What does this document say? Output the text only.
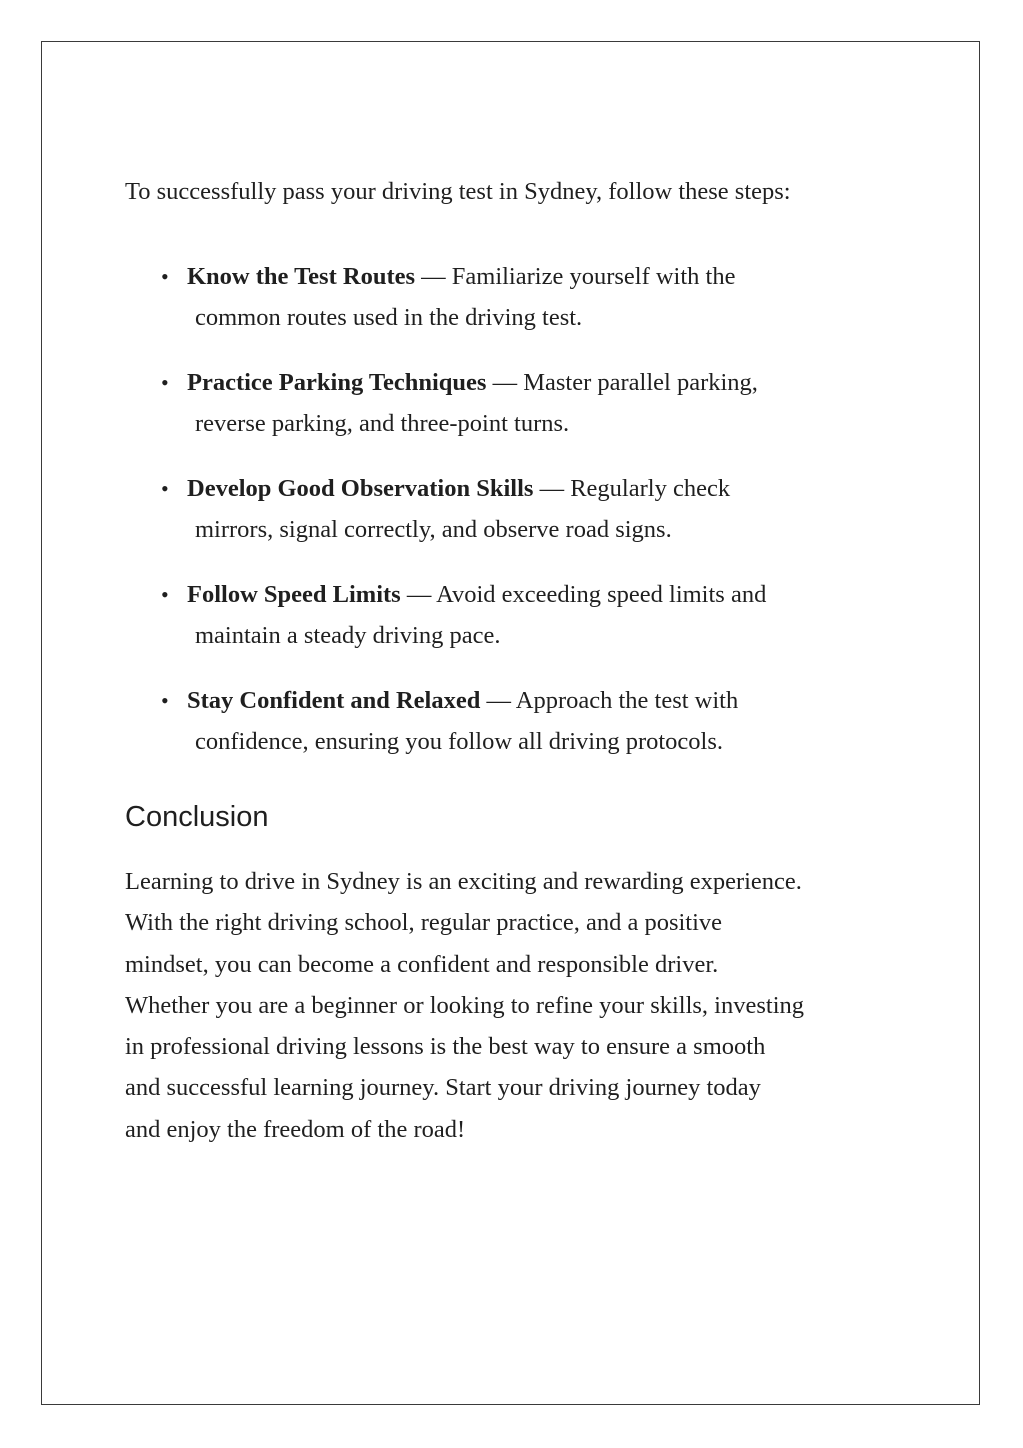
To successfully pass your driving test in Sydney, follow these steps:

• Know the Test Routes — Familiarize yourself with the
common routes used in the driving test.
• Practice Parking Techniques — Master parallel parking,
reverse parking, and three-point turns.
• Develop Good Observation Skills — Regularly check
mirrors, signal correctly, and observe road signs.
• Follow Speed Limits — Avoid exceeding speed limits and
maintain a steady driving pace.
• Stay Confident and Relaxed — Approach the test with
confidence, ensuring you follow all driving protocols.
Conclusion

Learning to drive in Sydney is an exciting and rewarding experience.
With the right driving school, regular practice, and a positive
mindset, you can become a confident and responsible driver.
Whether you are a beginner or looking to refine your skills, investing
in professional driving lessons is the best way to ensure a smooth
and successful learning journey. Start your driving journey today
and enjoy the freedom of the road!
